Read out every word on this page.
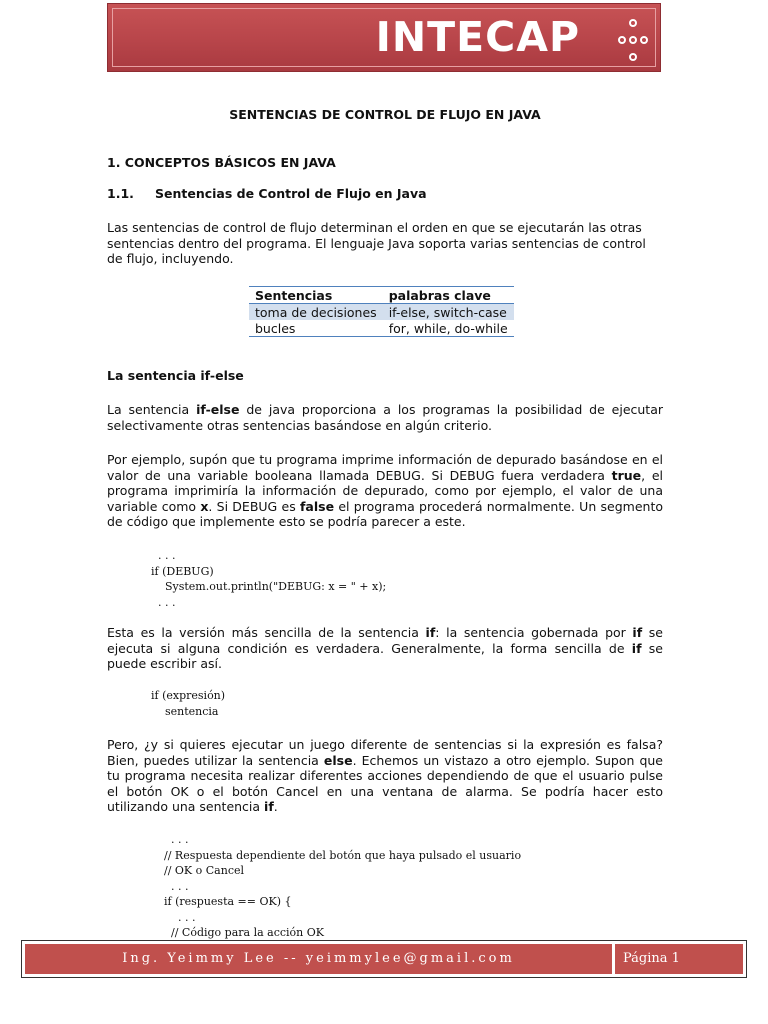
INTECAP
SENTENCIAS DE CONTROL DE FLUJO EN JAVA
1. CONCEPTOS BÁSICOS EN JAVA
1.1. Sentencias de Control de Flujo en Java
Las sentencias de control de flujo determinan el orden en que se ejecutarán las otras
sentencias dentro del programa. El lenguaje Java soporta varias sentencias de control
de flujo, incluyendo.
Sentencias	palabras clave
toma de decisiones	if-else, switch-case
bucles	for, while, do-while
La sentencia if-else
La sentencia if-else de java proporciona a los programas la posibilidad de ejecutar selectivamente otras sentencias basándose en algún criterio.
Por ejemplo, supón que tu programa imprime información de depurado basándose en el valor de una variable booleana llamada DEBUG. Si DEBUG fuera verdadera true, el programa imprimiría la información de depurado, como por ejemplo, el valor de una variable como x. Si DEBUG es false el programa procederá normalmente. Un segmento de código que implemente esto se podría parecer a este.
. . .
if (DEBUG)
System.out.println("DEBUG: x = " + x);
. . .
Esta es la versión más sencilla de la sentencia if: la sentencia gobernada por if se ejecuta si alguna condición es verdadera. Generalmente, la forma sencilla de if se puede escribir así.
if (expresión)
sentencia
Pero, ¿y si quieres ejecutar un juego diferente de sentencias si la expresión es falsa? Bien, puedes utilizar la sentencia else. Echemos un vistazo a otro ejemplo. Supon que tu programa necesita realizar diferentes acciones dependiendo de que el usuario pulse el botón OK o el botón Cancel en una ventana de alarma. Se podría hacer esto utilizando una sentencia if.
. . .
// Respuesta dependiente del botón que haya pulsado el usuario
// OK o Cancel
. . .
if (respuesta == OK) {
. . .
// Código para la acción OK
Ing. Yeimmy Lee -- yeimmylee@gmail.com	Página 1
